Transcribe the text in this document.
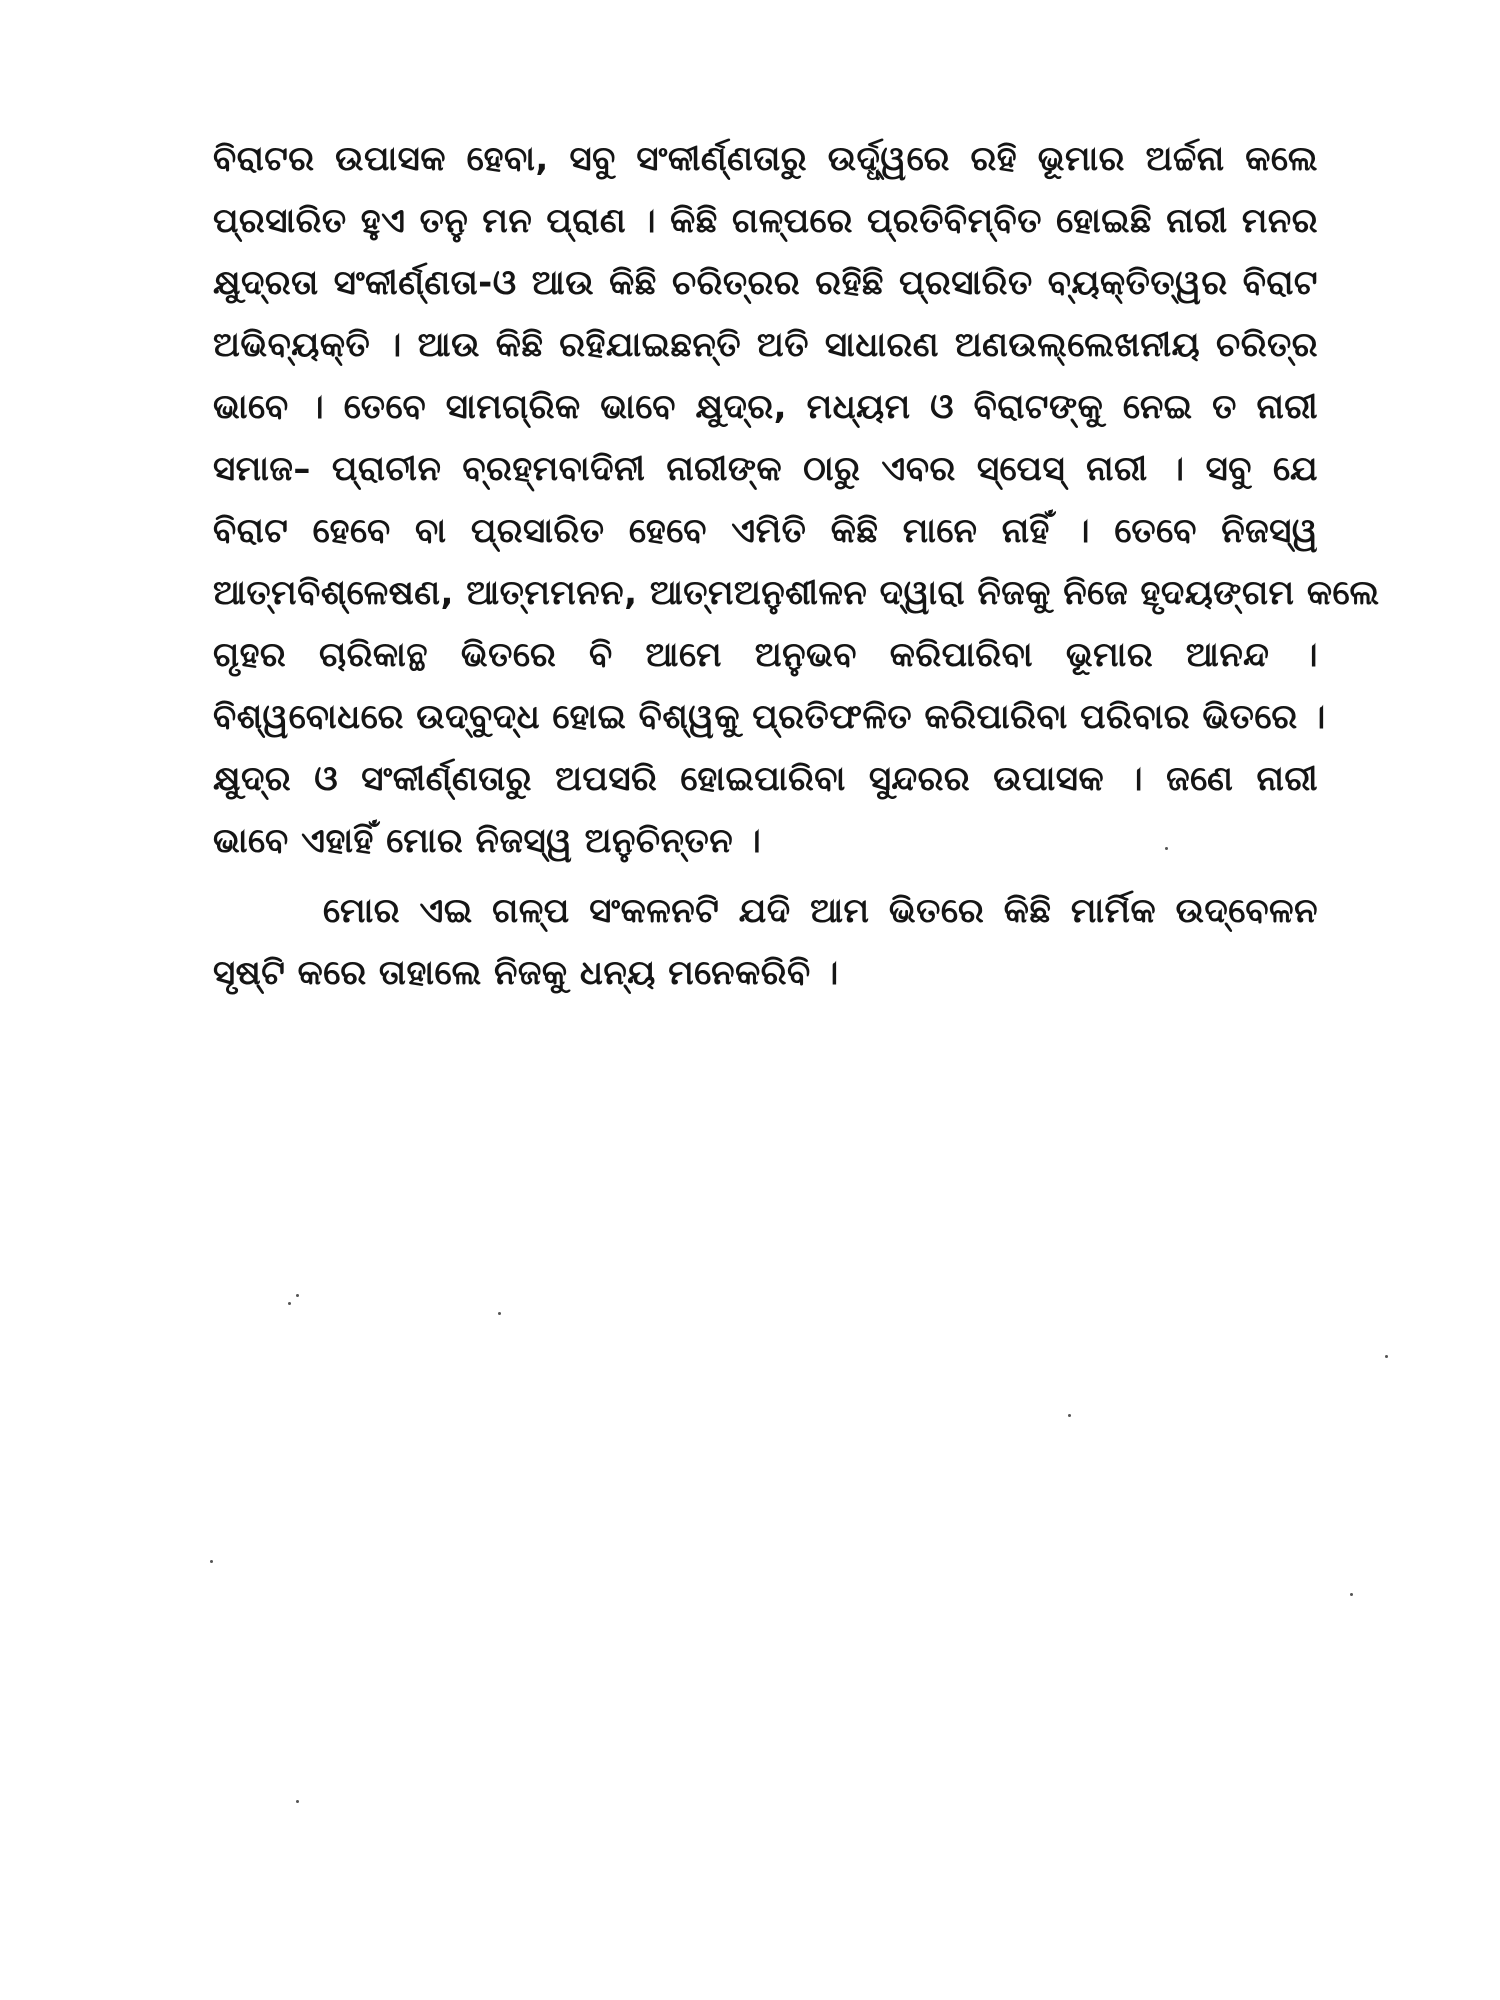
ବିରାଟର ଉପାସକ ହେବା, ସବୁ ସଂକୀର୍ଣ୍ଣତାରୁ ଉର୍ଦ୍ଧ୍ୱରେ ରହି ଭୂମାର ଅର୍ଚ୍ଚନା କଲେ
ପ୍ରସାରିତ ହୁଏ ତନୁ ମନ ପ୍ରାଣ । କିଛି ଗଳ୍ପରେ ପ୍ରତିବିମ୍ବିତ ହୋଇଛି ନାରୀ ମନର
କ୍ଷୁଦ୍ରତା ସଂକୀର୍ଣ୍ଣତା-ଓ ଆଉ କିଛି ଚରିତ୍ରର ରହିଛି ପ୍ରସାରିତ ବ୍ୟକ୍ତିତ୍ୱର ବିରାଟ
ଅଭିବ୍ୟକ୍ତି । ଆଉ କିଛି ରହିଯାଇଛନ୍ତି ଅତି ସାଧାରଣ ଅଣଉଲ୍ଲେଖନୀୟ ଚରିତ୍ର
ଭାବେ । ତେବେ ସାମଗ୍ରିକ ଭାବେ କ୍ଷୁଦ୍ର, ମଧ୍ୟମ ଓ ବିରାଟଙ୍କୁ ନେଇ ତ ନାରୀ
ସମାଜ– ପ୍ରାଚୀନ ବ୍ରହ୍ମବାଦିନୀ ନାରୀଙ୍କ ଠାରୁ ଏବର ସ୍ପେସ୍ ନାରୀ । ସବୁ ଯେ
ବିରାଟ ହେବେ ବା ପ୍ରସାରିତ ହେବେ ଏମିତି କିଛି ମାନେ ନାହିଁ । ତେବେ ନିଜସ୍ୱ
ଆତ୍ମବିଶ୍ଳେଷଣ, ଆତ୍ମମନନ, ଆତ୍ମଅନୁଶୀଳନ ଦ୍ୱାରା ନିଜକୁ ନିଜେ ହୃଦୟଙ୍ଗମ କଲେ
ଗୃହର ଚାରିକାନ୍ଥ ଭିତରେ ବି ଆମେ ଅନୁଭବ କରିପାରିବା ଭୂମାର ଆନନ୍ଦ ।
ବିଶ୍ୱବୋଧରେ ଉଦ୍‌ବୁଦ୍ଧ ହୋଇ ବିଶ୍ୱକୁ ପ୍ରତିଫଳିତ କରିପାରିବା ପରିବାର ଭିତରେ ।
କ୍ଷୁଦ୍ର ଓ ସଂକୀର୍ଣ୍ଣତାରୁ ଅପସରି ହୋଇପାରିବା ସୁନ୍ଦରର ଉପାସକ । ଜଣେ ନାରୀ
ଭାବେ ଏହାହିଁ ମୋର ନିଜସ୍ୱ ଅନୁଚିନ୍ତନ ।
ମୋର ଏଇ ଗଳ୍ପ ସଂକଳନଟି ଯଦି ଆମ ଭିତରେ କିଛି ମାର୍ମିକ ଉଦ୍‌ବେଳନ
ସୃଷ୍ଟି କରେ ତାହାଲେ ନିଜକୁ ଧନ୍ୟ ମନେକରିବି ।
